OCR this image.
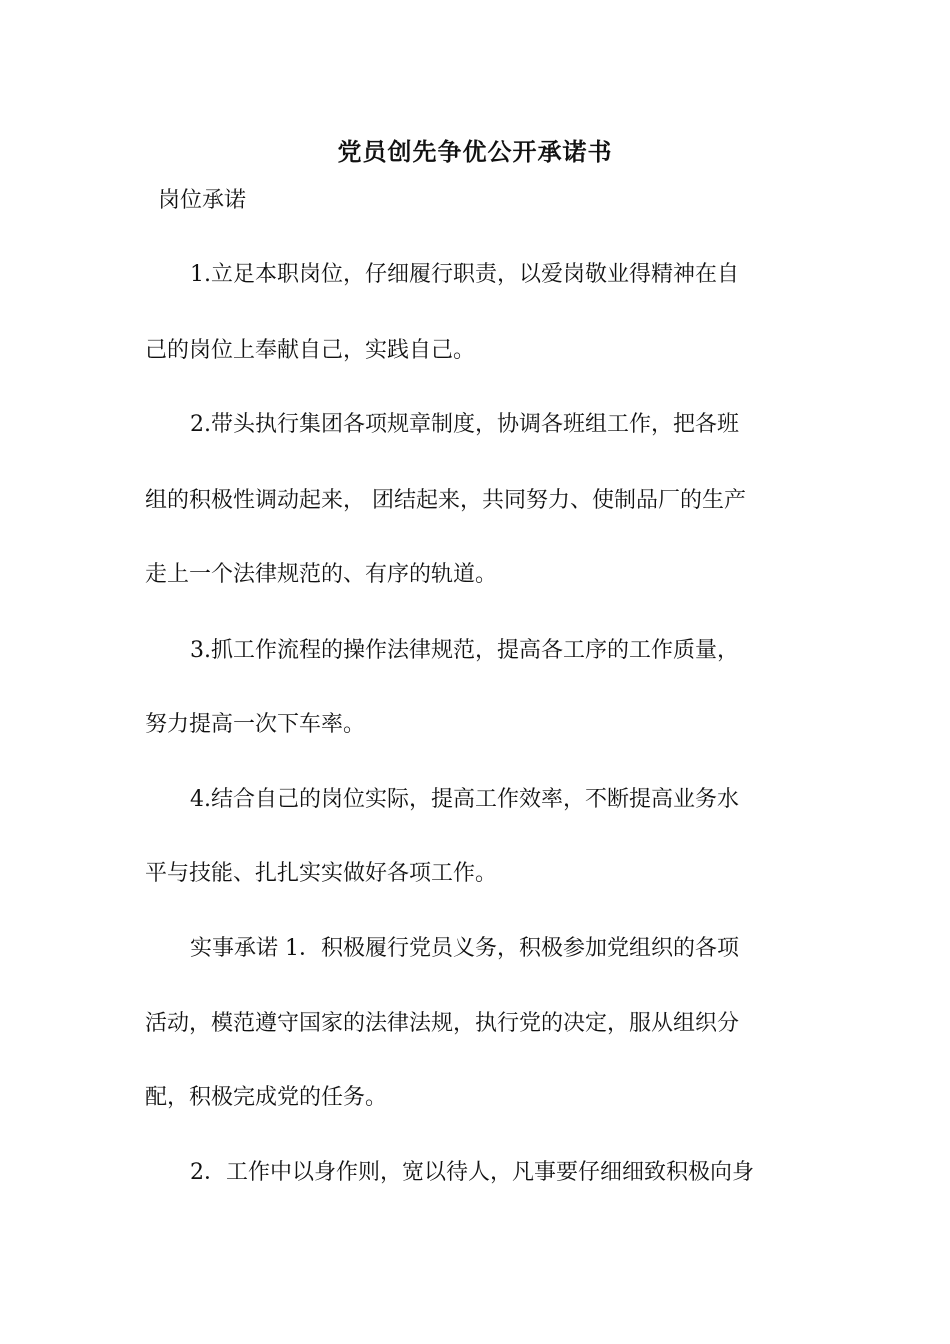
党员创先争优公开承诺书
岗位承诺
1.立足本职岗位，仔细履行职责，以爱岗敬业得精神在自
己的岗位上奉献自己，实践自己。
2.带头执行集团各项规章制度，协调各班组工作，把各班
组的积极性调动起来， 团结起来，共同努力、使制品厂的生产
走上一个法律规范的、有序的轨道。
3.抓工作流程的操作法律规范，提高各工序的工作质量，
努力提高一次下车率。
4.结合自己的岗位实际，提高工作效率，不断提高业务水
平与技能、扎扎实实做好各项工作。
实事承诺 1．积极履行党员义务，积极参加党组织的各项
活动，模范遵守国家的法律法规，执行党的决定，服从组织分
配，积极完成党的任务。
2．工作中以身作则，宽以待人，凡事要仔细细致积极向身
